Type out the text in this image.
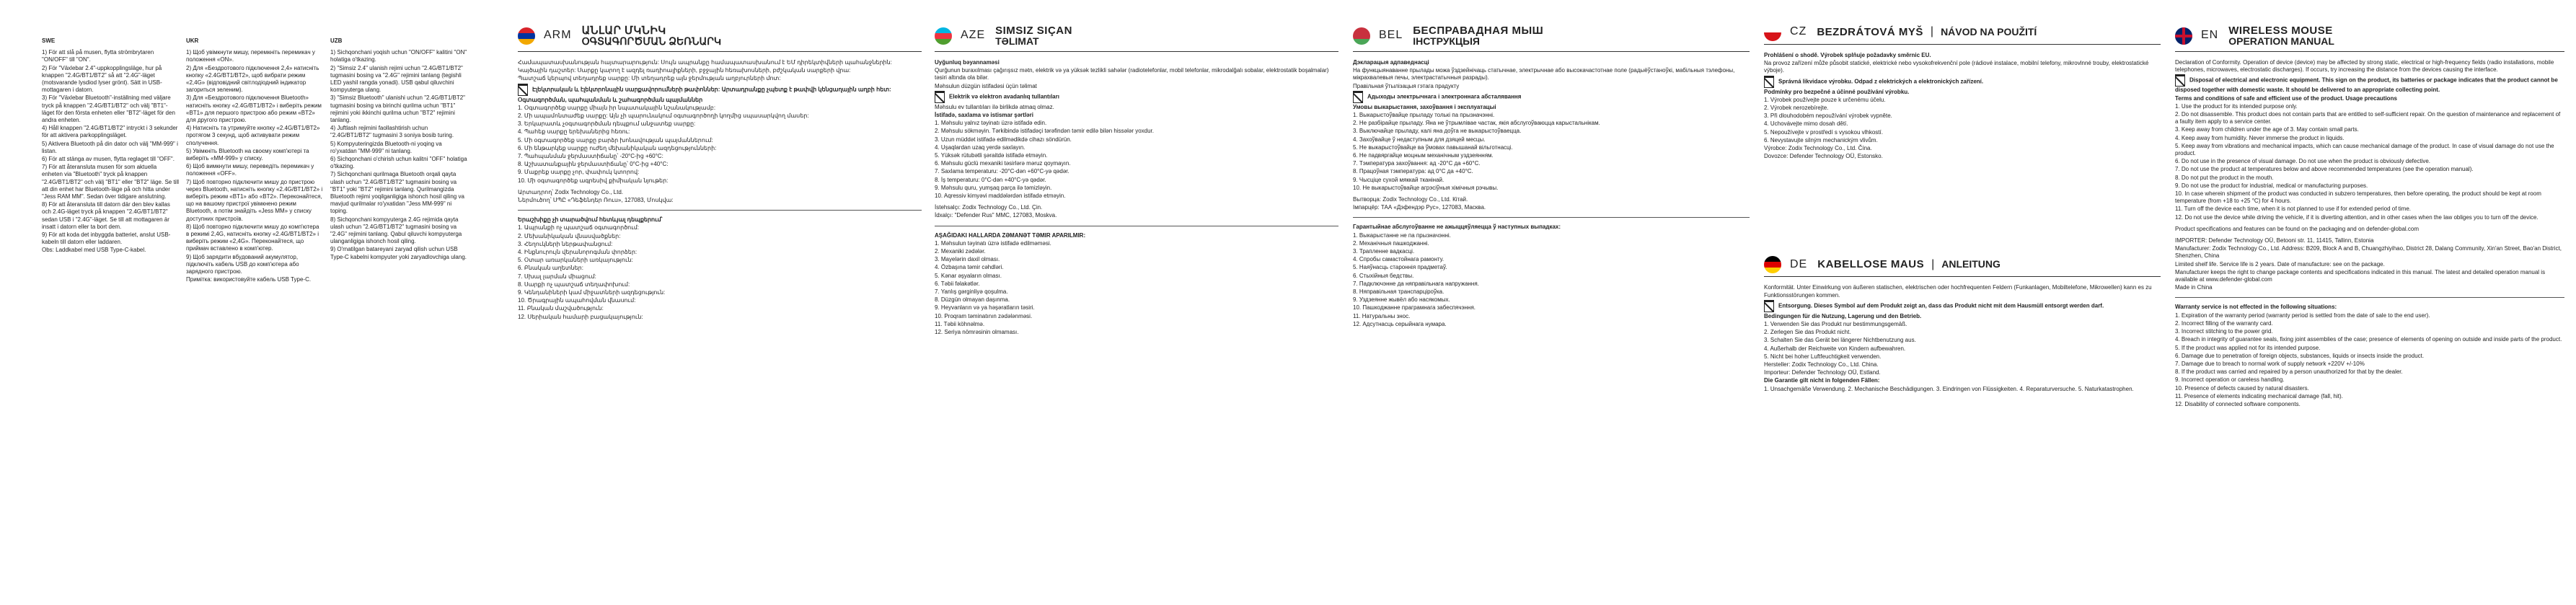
SWE

1) För att slå på musen, flytta strömbrytaren "ON/OFF" till "ON".

2) För "Växlebar 2.4"-uppkopplingsläge, hur på knappen "2.4G/BT1/BT2" så att "2.4G"-läget (motsvarande lysdiod lyser grönt). Sätt in USB-mottagaren i datorn.

3) För "Växlebar Bluetooth"-inställning med väljare tryck på knappen "2.4G/BT1/BT2" och välj "BT1"-läget för den första enheten eller "BT2"-läget för den andra enheten.

4) Håll knappen "2.4G/BT1/BT2" intryckt i 3 sekunder för att aktivera parkopplingsläget.

5) Aktivera Bluetooth på din dator och välj "MM-999" i listan.

6) För att stänga av musen, flytta reglaget till "OFF".

7) För att återansluta musen för som aktuella enheten via "Bluetooth" tryck på knappen "2.4G/BT1/BT2" och välj "BT1" eller "BT2" läge. Se till att din enhet har Bluetooth-läge på och hitta under "Jess RAM MM". Sedan över tidigare anslutning.

8) För att återansluta till datorn där den blev kallas och 2.4G-läget tryck på knappen "2.4G/BT1/BT2" sedan USB i "2.4G"-läget. Se till att mottagaren är insatt i datorn eller ta bort dem.

9) För att koda det inbyggda batteriet, anslut USB-kabeln till datorn eller laddaren.

Obs: Laddkabel med USB Type-C-kabel.

UKR

1) Щоб увімкнути мишу, перемкніть перемикач у положення «ON».

2) Для «Бездротового підключення 2,4» натисніть кнопку «2.4G/BT1/BT2», щоб вибрати режим «2,4G» (відповідний світлодіодний індикатор загориться зеленим).

3) Для «Бездротового підключення Bluetooth» натисніть кнопку «2.4G/BT1/BT2» і виберіть режим «BT1» для першого пристрою або режим «BT2» для другого пристрою.

4) Натисніть та утримуйте кнопку «2.4G/BT1/BT2» протягом 3 секунд, щоб активувати режим сполучення.

5) Увімкніть Bluetooth на своєму комп'ютері та виберіть «MM-999» у списку.

6) Щоб вимкнути мишу, переведіть перемикач у положення «OFF».

7) Щоб повторно підключити мишу до пристрою через Bluetooth, натисніть кнопку «2.4G/BT1/BT2» і виберіть режим «BT1» або «BT2». Переконайтеся, що на вашому пристрої увімкнено режим Bluetooth, а потім знайдіть «Jess MM» у списку доступних пристроїв.

8) Щоб повторно підключити мишу до комп'ютера в режимі 2,4G, натисніть кнопку «2.4G/BT1/BT2» і виберіть режим «2,4G». Переконайтеся, що приймач вставлено в комп'ютер.

9) Щоб зарядити вбудований акумулятор, підключіть кабель USB до комп'ютера або зарядного пристрою.

Примітка: використовуйте кабель USB Type-C.

UZB

1) Sichqonchani yoqish uchun "ON/OFF" kalitini "ON" holatiga o'tkazing.

2) "Simsiz 2.4" ulanish rejimi uchun "2.4G/BT1/BT2" tugmasini bosing va "2.4G" rejimini tanlang (tegishli LED yashil rangda yonadi). USB qabul qiluvchini kompyuterga ulang.

3) "Simsiz Bluetooth" ulanishi uchun "2.4G/BT1/BT2" tugmasini bosing va birinchi qurilma uchun "BT1" rejimini yoki ikkinchi qurilma uchun "BT2" rejimini tanlang.

4) Juftlash rejimini faollashtirish uchun "2.4G/BT1/BT2" tugmasini 3 soniya bosib turing.

5) Kompyuteringizda Bluetooth-ni yoqing va ro'yxatdan "MM-999" ni tanlang.

6) Sichqonchani o'chirish uchun kalitni "OFF" holatiga o'tkazing.

7) Sichqonchani qurilmaga Bluetooth orqali qayta ulash uchun "2.4G/BT1/BT2" tugmasini bosing va "BT1" yoki "BT2" rejimini tanlang. Qurilmangizda Bluetooth rejimi yoqilganligiga ishonch hosil qiling va mavjud qurilmalar ro'yxatidan "Jess MM-999" ni toping.

8) Sichqonchani kompyuterga 2.4G rejimida qayta ulash uchun "2.4G/BT1/BT2" tugmasini bosing va "2.4G" rejimini tanlang. Qabul qiluvchi kompyuterga ulanganligiga ishonch hosil qiling.

9) O'rnatilgan batareyani zaryad qilish uchun USB Type-C kabelni kompyuter yoki zaryadlovchiga ulang.

ARM ԱՆԼԱՐ ՄԿՆԻԿ
ՕԳՏԱԳՈՐԾՄԱՆ ՁԵՌՆԱՐԿ

Համապատասխանության հայտարարություն: Սույն ապրանքը համապատասխանում է ԵՄ դիրեկտիվների պահանջներին:

Կայծային դաշտեր: Սարքը կարող է ազդել ռադիոալիքների, բջջային հեռախոսների, բժշկական սարքերի վրա:

Պատշաճ կերպով տեղադրեք սարքը: Մի տեղադրեք այն ջերմության աղբյուրների մոտ:

Էլեկտրական և էլեկտրոնային սարքավորումների թափոններ: Արտադրանքը չպետք է թափվի կենցաղային աղբի հետ:

Օգտագործման, պահպանման և շահագործման պայմաններ

1. Օգտագործեք սարքը միայն իր նպատակային նշանակությամբ:

2. Մի ապամոնտաժեք սարքը: Այն չի պարունակում օգտագործողի կողմից սպասարկվող մասեր:

3. Երկարատև չօգտագործման դեպքում անջատեք սարքը:

4. Պահեք սարքը երեխաներից հեռու:

5. Մի օգտագործեք սարքը բարձր խոնավության պայմաններում:

6. Մի ենթարկեք սարքը ուժեղ մեխանիկական ազդեցությունների:

7. Պահպանման ջերմաստիճանը՝ -20°C-ից +60°C:

8. Աշխատանքային ջերմաստիճանը՝ 0°C-ից +40°C:

9. Մաքրեք սարքը չոր, փափուկ կտորով:

10. Մի օգտագործեք ագրեսիվ քիմիական նյութեր:

Արտադրող՝ Zodix Technology Co., Ltd.

Ներմուծող՝ ՍՊԸ «Դեֆենդեր Ռուս», 127083, Մոսկվա:

Երաշխիքը չի տարածվում հետևյալ դեպքերում՝

1. Ապրանքի ոչ պատշաճ օգտագործում:

2. Մեխանիկական վնասվածքներ:

3. Հեղուկների ներթափանցում:

4. Ինքնուրույն վերանորոգման փորձեր:

5. Օտար առարկաների առկայություն:

6. Բնական աղետներ:

7. Սխալ լարման միացում:

8. Սարքի ոչ պատշաճ տեղափոխում:

9. Կենդանիների կամ միջատների ազդեցություն:

10. Ծրագրային ապահովման վնասում:

11. Բնական մաշվածություն:

12. Սերիական համարի բացակայություն:

AZE SIMSIZ SIÇAN
TƏLIMAT

Uyğunluq bəyannaməsi

Qurğunun buraxılması çağırışsız mətn, elektrik və ya yüksək tezlikli sahələr (radiotelefonlar, mobil telefonlar, mikrodalğalı sobalar, elektrostatik boşalmalar) təsiri altında ola bilər.

Məhsulun düzgün istifadəsi üçün təlimat

Elektrik və elektron avadanlıq tullantıları

Məhsulu ev tullantıları ilə birlikdə atmaq olmaz.

İstifadə, saxlama və istismar şərtləri

1. Məhsulu yalnız təyinatı üzrə istifadə edin.

2. Məhsulu sökməyin. Tərkibində istifadəçi tərəfindən təmir edilə bilən hissələr yoxdur.

3. Uzun müddət istifadə edilmədikdə cihazı söndürün.

4. Uşaqlardan uzaq yerdə saxlayın.

5. Yüksək rütubətli şəraitdə istifadə etməyin.

6. Məhsulu güclü mexaniki təsirlərə məruz qoymayın.

7. Saxlama temperaturu: -20°C-dən +60°C-yə qədər.

8. İş temperaturu: 0°C-dən +40°C-yə qədər.

9. Məhsulu quru, yumşaq parça ilə təmizləyin.

10. Aqressiv kimyəvi maddələrdən istifadə etməyin.

İstehsalçı: Zodix Technology Co., Ltd. Çin.

İdxalçı: "Defender Rus" MMC, 127083, Moskva.

AŞAĞIDAKI HALLARDA ZƏMANƏT TƏMIR APARILMIR:

1. Məhsulun təyinatı üzrə istifadə edilməməsi.

2. Mexaniki zədələr.

3. Mayelərin daxil olması.

4. Özbaşına təmir cəhdləri.

5. Kənar əşyaların olması.

6. Təbii fəlakətlər.

7. Yanlış gərginliyə qoşulma.

8. Düzgün olmayan daşınma.

9. Heyvanların və ya həşəratların təsiri.

10. Proqram təminatının zədələnməsi.

11. Təbii köhnəlmə.

12. Seriya nömrəsinin olmaması.

BEL БЕСПРАВАДНАЯ МЫШ
ІНСТРУКЦЫЯ

Дэкларацыя адпаведнасці

На функцыянаванне прылады можа ўздзейнічаць статычнае, электрычнае або высокачастотнае поле (радыёўстаноўкі, мабільныя тэлефоны, мікрахвалевыя печы, электрастатычныя разрады).

Правільная ўтылізацыя гэтага прадукту

Адыходы электрычнага і электроннага абсталявання

Умовы выкарыстання, захоўвання і эксплуатацыі

1. Выкарыстоўвайце прыладу толькі па прызначэнні.

2. Не разбірайце прыладу. Яна не ўтрымлівае частак, якія абслугоўваюцца карыстальнікам.

3. Выключайце прыладу, калі яна доўга не выкарыстоўваецца.

4. Захоўвайце ў недаступным для дзяцей месцы.

5. Не выкарыстоўвайце ва ўмовах павышанай вільготнасці.

6. Не падвяргайце моцным механічным уздзеянням.

7. Тэмпература захоўвання: ад -20°C да +60°C.

8. Працоўная тэмпература: ад 0°C да +40°C.

9. Чысціце сухой мяккай тканінай.

10. Не выкарыстоўвайце агрэсіўныя хімічныя рэчывы.

Вытворца: Zodix Technology Co., Ltd. Кітай.

Імпарцёр: ТАА «Дэфендэр Рус», 127083, Масква.

Гарантыйнае абслугоўванне не ажыццяўляецца ў наступных выпадках:

1. Выкарыстанне не па прызначэнні.

2. Механічныя пашкоджанні.

3. Трапленне вадкасці.

4. Спробы самастойнага рамонту.

5. Наяўнасць староннія прадметаў.

6. Стыхійныя бедствы.

7. Падключэнне да няправільнага напружання.

8. Няправільная транспарціроўка.

9. Уздзеянне жывёл або насякомых.

10. Пашкоджанне праграмнага забеспячэння.

11. Натуральны знос.

12. Адсутнасць серыйнага нумара.

CZ BEZDRÁTOVÁ MYŠ | NÁVOD NA POUŽITÍ

Prohlášení o shodě. Výrobek splňuje požadavky směrnic EU.

Na provoz zařízení může působit statické, elektrické nebo vysokofrekvenční pole (rádiové instalace, mobilní telefony, mikrovlnné trouby, elektrostatické výboje).

Správná likvidace výrobku. Odpad z elektrických a elektronických zařízení.

Podmínky pro bezpečné a účinné používání výrobku.

1. Výrobek používejte pouze k určenému účelu.

2. Výrobek nerozebírejte.

3. Při dlouhodobém nepoužívání výrobek vypněte.

4. Uchovávejte mimo dosah dětí.

5. Nepoužívejte v prostředí s vysokou vlhkostí.

6. Nevystavujte silným mechanickým vlivům.

Výrobce: Zodix Technology Co., Ltd. Čína.

Dovozce: Defender Technology OÜ, Estonsko.

DE KABELLOSE MAUS | ANLEITUNG

Konformität. Unter Einwirkung von äußeren statischen, elektrischen oder hochfrequenten Feldern (Funkanlagen, Mobiltelefone, Mikrowellen) kann es zu Funktionsstörungen kommen.

Entsorgung. Dieses Symbol auf dem Produkt zeigt an, dass das Produkt nicht mit dem Hausmüll entsorgt werden darf.

Bedingungen für die Nutzung, Lagerung und den Betrieb.

1. Verwenden Sie das Produkt nur bestimmungsgemäß.

2. Zerlegen Sie das Produkt nicht.

3. Schalten Sie das Gerät bei längerer Nichtbenutzung aus.

4. Außerhalb der Reichweite von Kindern aufbewahren.

5. Nicht bei hoher Luftfeuchtigkeit verwenden.

Hersteller: Zodix Technology Co., Ltd. China.

Importeur: Defender Technology OÜ, Estland.

Die Garantie gilt nicht in folgenden Fällen:

1. Unsachgemäße Verwendung. 2. Mechanische Beschädigungen. 3. Eindringen von Flüssigkeiten. 4. Reparaturversuche. 5. Naturkatastrophen.

EN WIRELESS MOUSE
OPERATION MANUAL

Declaration of Conformity. Operation of device (device) may be affected by strong static, electrical or high-frequency fields (radio installations, mobile telephones, microwaves, electrostatic discharges). If occurs, try increasing the distance from the devices causing the interface.

Disposal of electrical and electronic equipment. This sign on the product, its batteries or package indicates that the product cannot be disposed together with domestic waste. It should be delivered to an appropriate collecting point.

Terms and conditions of safe and efficient use of the product. Usage precautions

1. Use the product for its intended purpose only.

2. Do not disassemble. This product does not contain parts that are entitled to self-sufficient repair. On the question of maintenance and replacement of a faulty item apply to a service center.

3. Keep away from children under the age of 3. May contain small parts.

4. Keep away from humidity. Never immerse the product in liquids.

5. Keep away from vibrations and mechanical impacts, which can cause mechanical damage of the product. In case of visual damage do not use the product.

6. Do not use in the presence of visual damage. Do not use when the product is obviously defective.

7. Do not use the product at temperatures below and above recommended temperatures (see the operation manual).

8. Do not put the product in the mouth.

9. Do not use the product for industrial, medical or manufacturing purposes.

10. In case wherein shipment of the product was conducted in subzero temperatures, then before operating, the product should be kept at room temperature (from +18 to +25 °C) for 4 hours.

11. Turn off the device each time, when it is not planned to use if for extended period of time.

12. Do not use the device while driving the vehicle, if it is diverting attention, and in other cases when the law obliges you to turn off the device.

Product specifications and features can be found on the packaging and on defender-global.com

IMPORTER: Defender Technology OÜ, Betooni str. 11, 11415, Tallinn, Estonia

Manufacturer: Zodix Technology Co., Ltd. Address: B209, Block A and B, Chuangzhiyihao, District 28, Dalang Community, Xin'an Street, Bao'an District, Shenzhen, China

Limited shelf life. Service life is 2 years. Date of manufacture: see on the package.

Manufacturer keeps the right to change package contents and specifications indicated in this manual. The latest and detailed operation manual is available at www.defender-global.com

Made in China

Warranty service is not effected in the following situations:

1. Expiration of the warranty period (warranty period is settled from the date of sale to the end user).

2. Incorrect filling of the warranty card.

3. Incorrect stitching to the power grid.

4. Breach in integrity of guarantee seals, fixing joint assemblies of the case; presence of elements of opening on outside and inside parts of the product.

5. If the product was applied not for its intended purpose.

6. Damage due to penetration of foreign objects, substances, liquids or insects inside the product.

7. Damage due to breach to normal work of supply network +220V +/-10%

8. If the product was carried and repaired by a person unauthorized for that by the dealer.

9. Incorrect operation or careless handling.

10. Presence of defects caused by natural disasters.

11. Presence of elements indicating mechanical damage (fall, hit).

12. Disability of connected software components.
